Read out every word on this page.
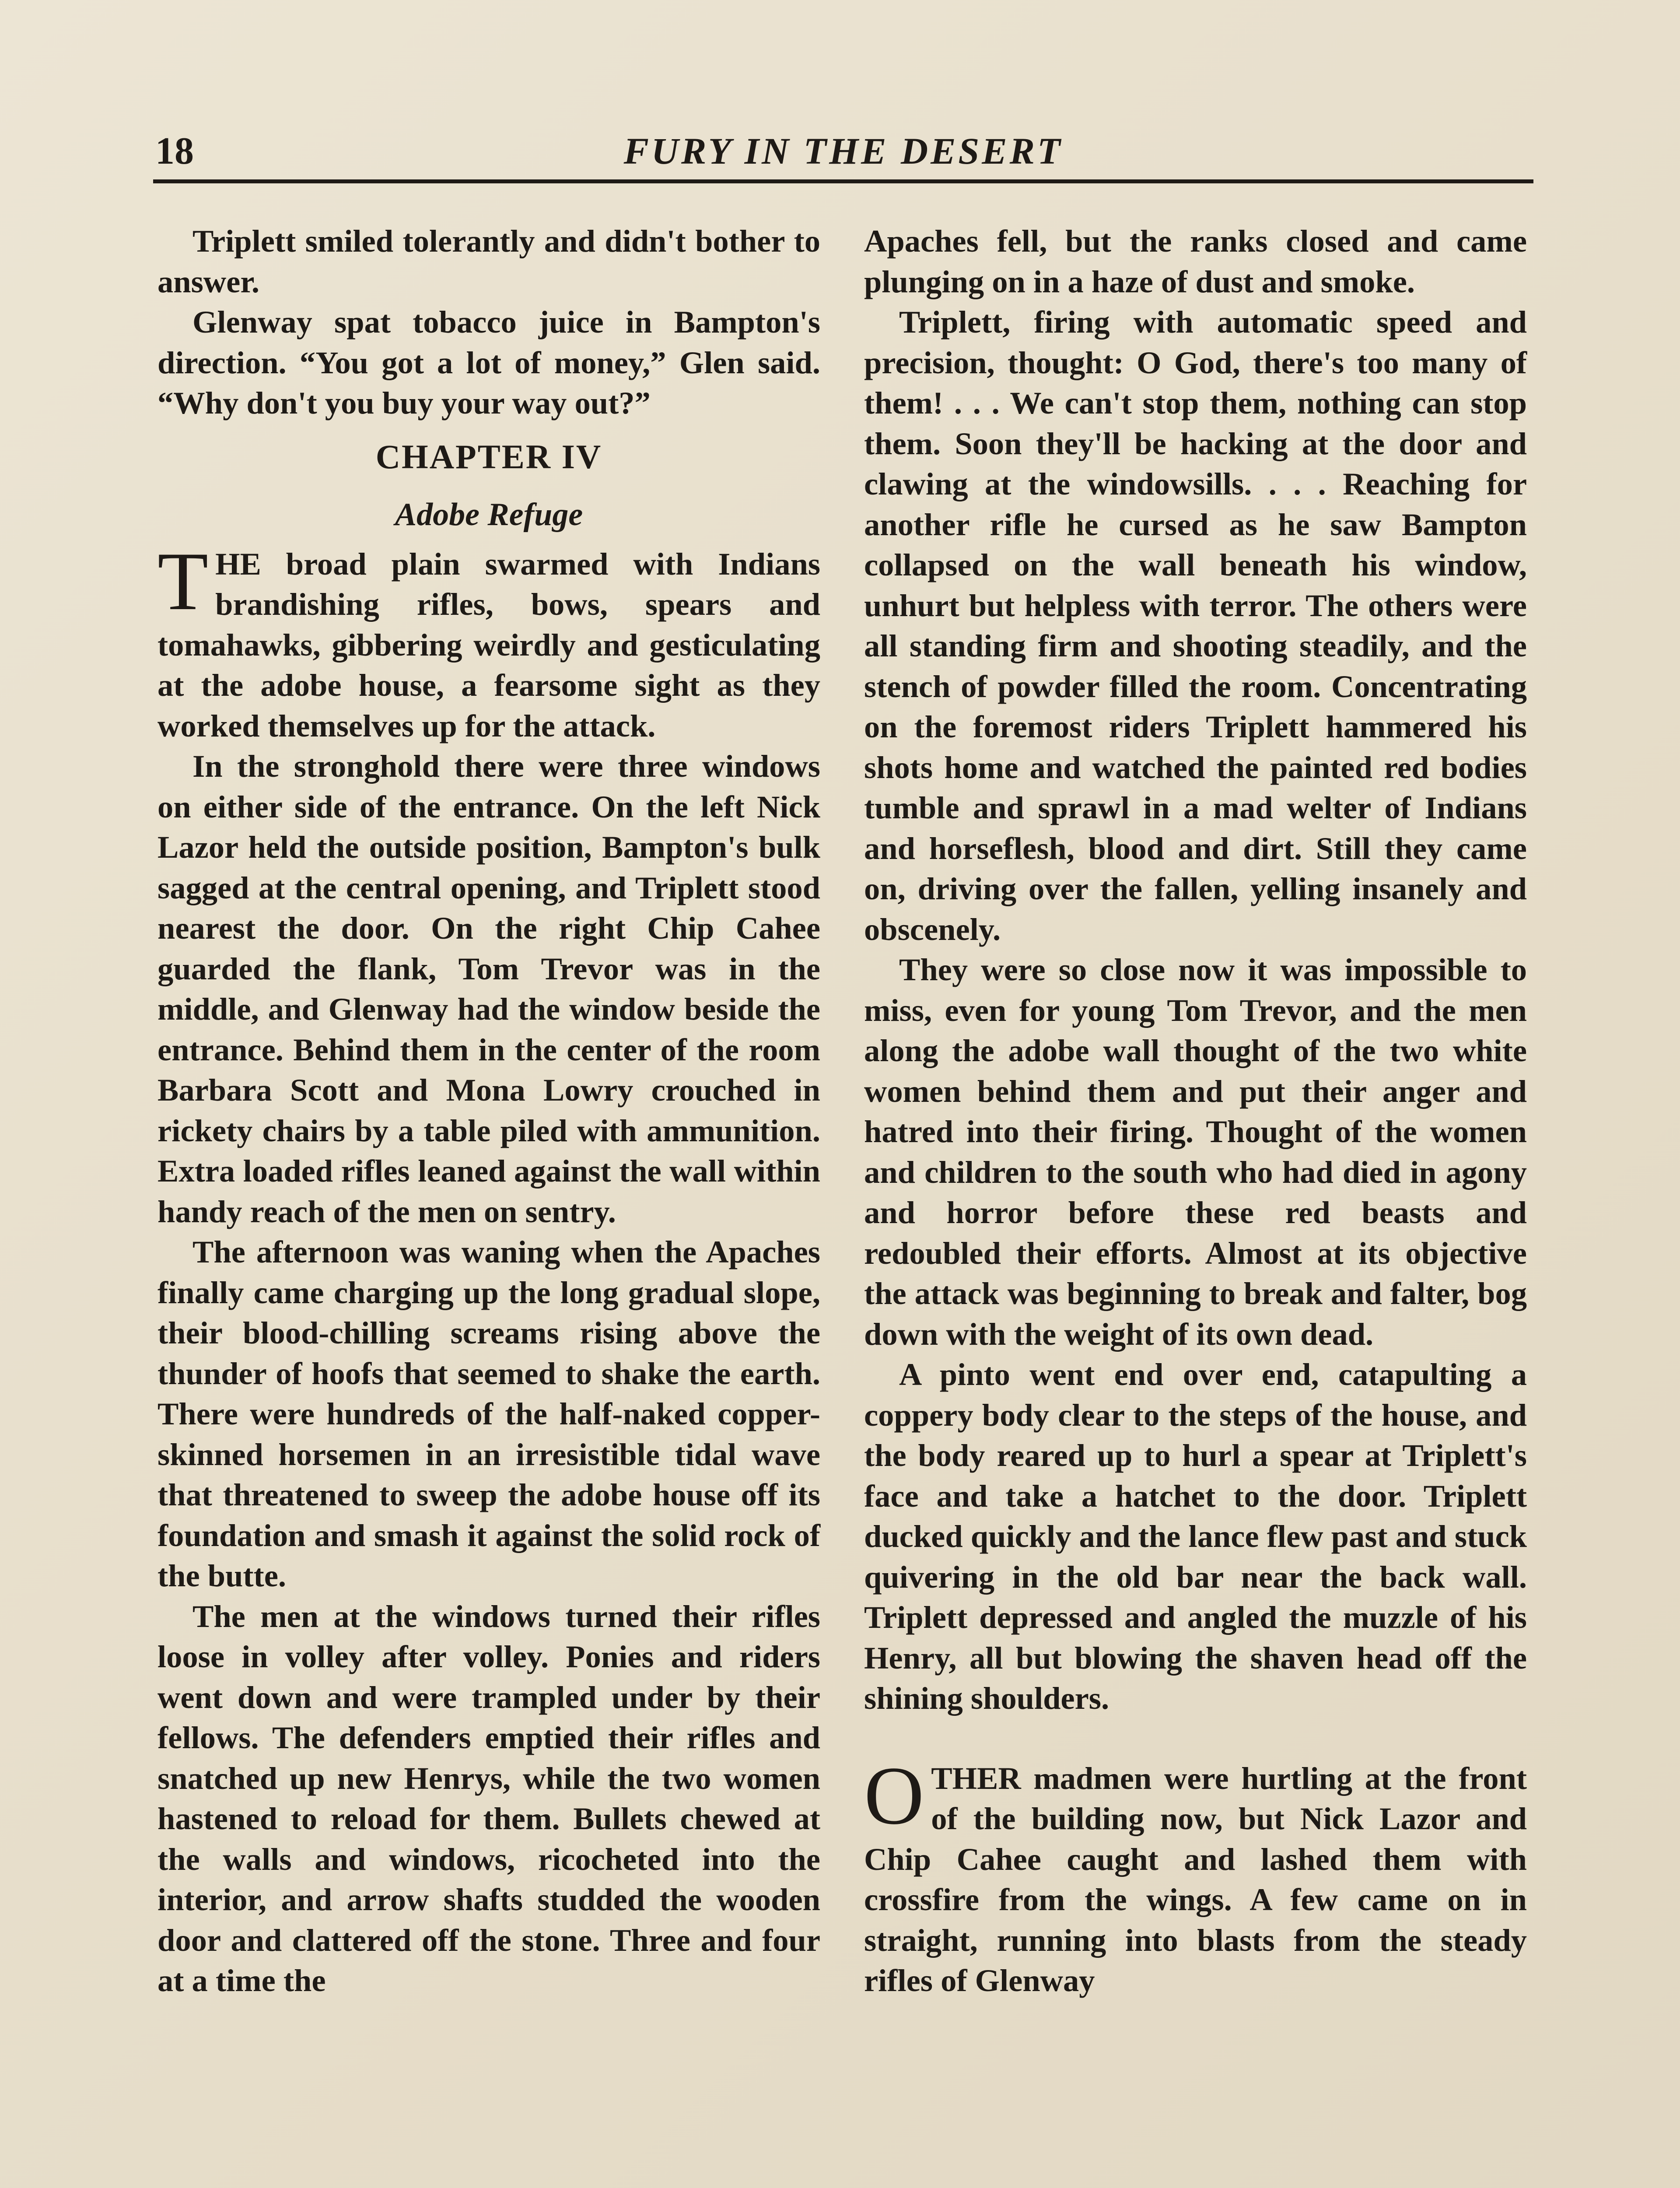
18	FURY IN THE DESERT

Triplett smiled tolerantly and didn't bother to answer.

Glenway spat tobacco juice in Bampton's direction. “You got a lot of money,” Glen said. “Why don't you buy your way out?”

CHAPTER IV
Adobe Refuge

THE broad plain swarmed with Indians brandishing rifles, bows, spears and tomahawks, gibbering weirdly and gesticulating at the adobe house, a fearsome sight as they worked themselves up for the attack.

In the stronghold there were three windows on either side of the entrance. On the left Nick Lazor held the outside position, Bampton's bulk sagged at the central opening, and Triplett stood nearest the door. On the right Chip Cahee guarded the flank, Tom Trevor was in the middle, and Glenway had the window beside the entrance. Behind them in the center of the room Barbara Scott and Mona Lowry crouched in rickety chairs by a table piled with ammunition. Extra loaded rifles leaned against the wall within handy reach of the men on sentry.

The afternoon was waning when the Apaches finally came charging up the long gradual slope, their blood-chilling screams rising above the thunder of hoofs that seemed to shake the earth. There were hundreds of the half-naked copper-skinned horsemen in an irresistible tidal wave that threatened to sweep the adobe house off its foundation and smash it against the solid rock of the butte.

The men at the windows turned their rifles loose in volley after volley. Ponies and riders went down and were trampled under by their fellows. The defenders emptied their rifles and snatched up new Henrys, while the two women hastened to reload for them. Bullets chewed at the walls and windows, ricocheted into the interior, and arrow shafts studded the wooden door and clattered off the stone. Three and four at a time the

Apaches fell, but the ranks closed and came plunging on in a haze of dust and smoke.

Triplett, firing with automatic speed and precision, thought: O God, there's too many of them! . . . We can't stop them, nothing can stop them. Soon they'll be hacking at the door and clawing at the windowsills. . . . Reaching for another rifle he cursed as he saw Bampton collapsed on the wall beneath his window, unhurt but helpless with terror. The others were all standing firm and shooting steadily, and the stench of powder filled the room. Concentrating on the foremost riders Triplett hammered his shots home and watched the painted red bodies tumble and sprawl in a mad welter of Indians and horseflesh, blood and dirt. Still they came on, driving over the fallen, yelling insanely and obscenely.

They were so close now it was impossible to miss, even for young Tom Trevor, and the men along the adobe wall thought of the two white women behind them and put their anger and hatred into their firing. Thought of the women and children to the south who had died in agony and horror before these red beasts and redoubled their efforts. Almost at its objective the attack was beginning to break and falter, bog down with the weight of its own dead.

A pinto went end over end, catapulting a coppery body clear to the steps of the house, and the body reared up to hurl a spear at Triplett's face and take a hatchet to the door. Triplett ducked quickly and the lance flew past and stuck quivering in the old bar near the back wall. Triplett depressed and angled the muzzle of his Henry, all but blowing the shaven head off the shining shoulders.

OTHER madmen were hurtling at the front of the building now, but Nick Lazor and Chip Cahee caught and lashed them with crossfire from the wings. A few came on in straight, running into blasts from the steady rifles of Glenway
